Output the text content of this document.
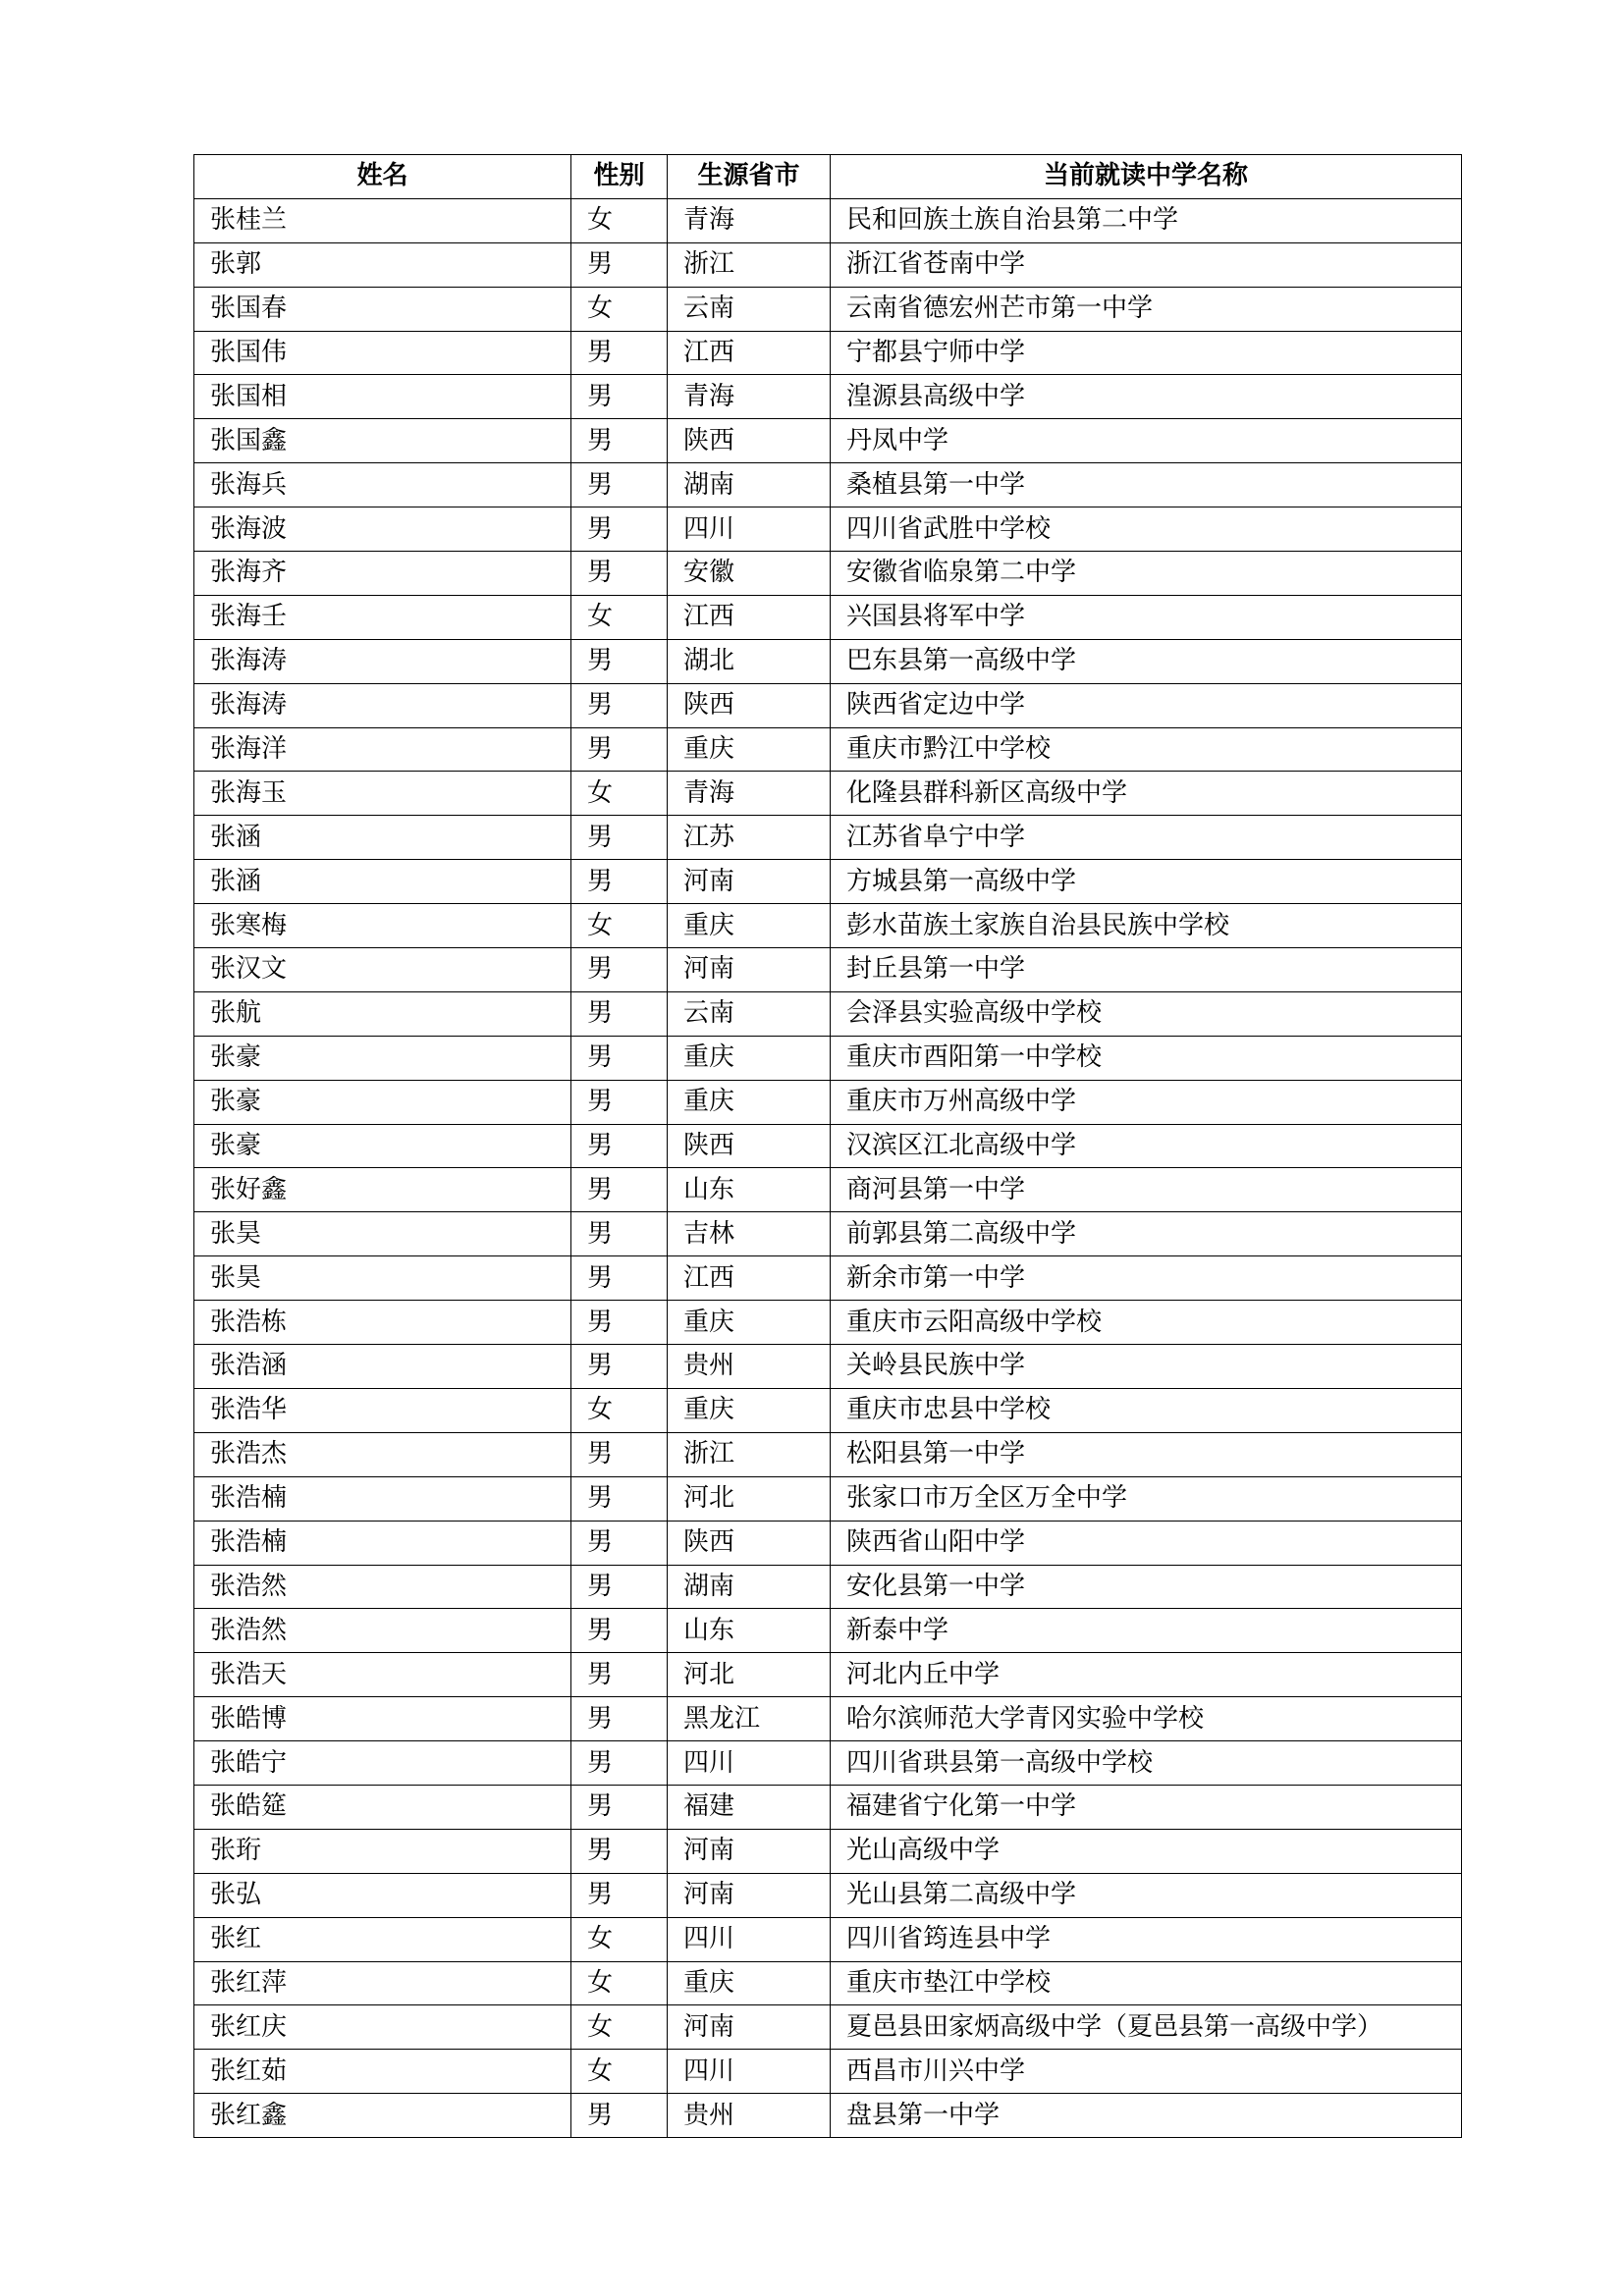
姓名	性别	生源省市	当前就读中学名称
张桂兰	女	青海	民和回族土族自治县第二中学
张郭	男	浙江	浙江省苍南中学
张国春	女	云南	云南省德宏州芒市第一中学
张国伟	男	江西	宁都县宁师中学
张国相	男	青海	湟源县高级中学
张国鑫	男	陕西	丹凤中学
张海兵	男	湖南	桑植县第一中学
张海波	男	四川	四川省武胜中学校
张海齐	男	安徽	安徽省临泉第二中学
张海壬	女	江西	兴国县将军中学
张海涛	男	湖北	巴东县第一高级中学
张海涛	男	陕西	陕西省定边中学
张海洋	男	重庆	重庆市黔江中学校
张海玉	女	青海	化隆县群科新区高级中学
张涵	男	江苏	江苏省阜宁中学
张涵	男	河南	方城县第一高级中学
张寒梅	女	重庆	彭水苗族土家族自治县民族中学校
张汉文	男	河南	封丘县第一中学
张航	男	云南	会泽县实验高级中学校
张豪	男	重庆	重庆市酉阳第一中学校
张豪	男	重庆	重庆市万州高级中学
张豪	男	陕西	汉滨区江北高级中学
张好鑫	男	山东	商河县第一中学
张昊	男	吉林	前郭县第二高级中学
张昊	男	江西	新余市第一中学
张浩栋	男	重庆	重庆市云阳高级中学校
张浩涵	男	贵州	关岭县民族中学
张浩华	女	重庆	重庆市忠县中学校
张浩杰	男	浙江	松阳县第一中学
张浩楠	男	河北	张家口市万全区万全中学
张浩楠	男	陕西	陕西省山阳中学
张浩然	男	湖南	安化县第一中学
张浩然	男	山东	新泰中学
张浩天	男	河北	河北内丘中学
张皓博	男	黑龙江	哈尔滨师范大学青冈实验中学校
张皓宁	男	四川	四川省珙县第一高级中学校
张皓筵	男	福建	福建省宁化第一中学
张珩	男	河南	光山高级中学
张弘	男	河南	光山县第二高级中学
张红	女	四川	四川省筠连县中学
张红萍	女	重庆	重庆市垫江中学校
张红庆	女	河南	夏邑县田家炳高级中学（夏邑县第一高级中学）
张红茹	女	四川	西昌市川兴中学
张红鑫	男	贵州	盘县第一中学
